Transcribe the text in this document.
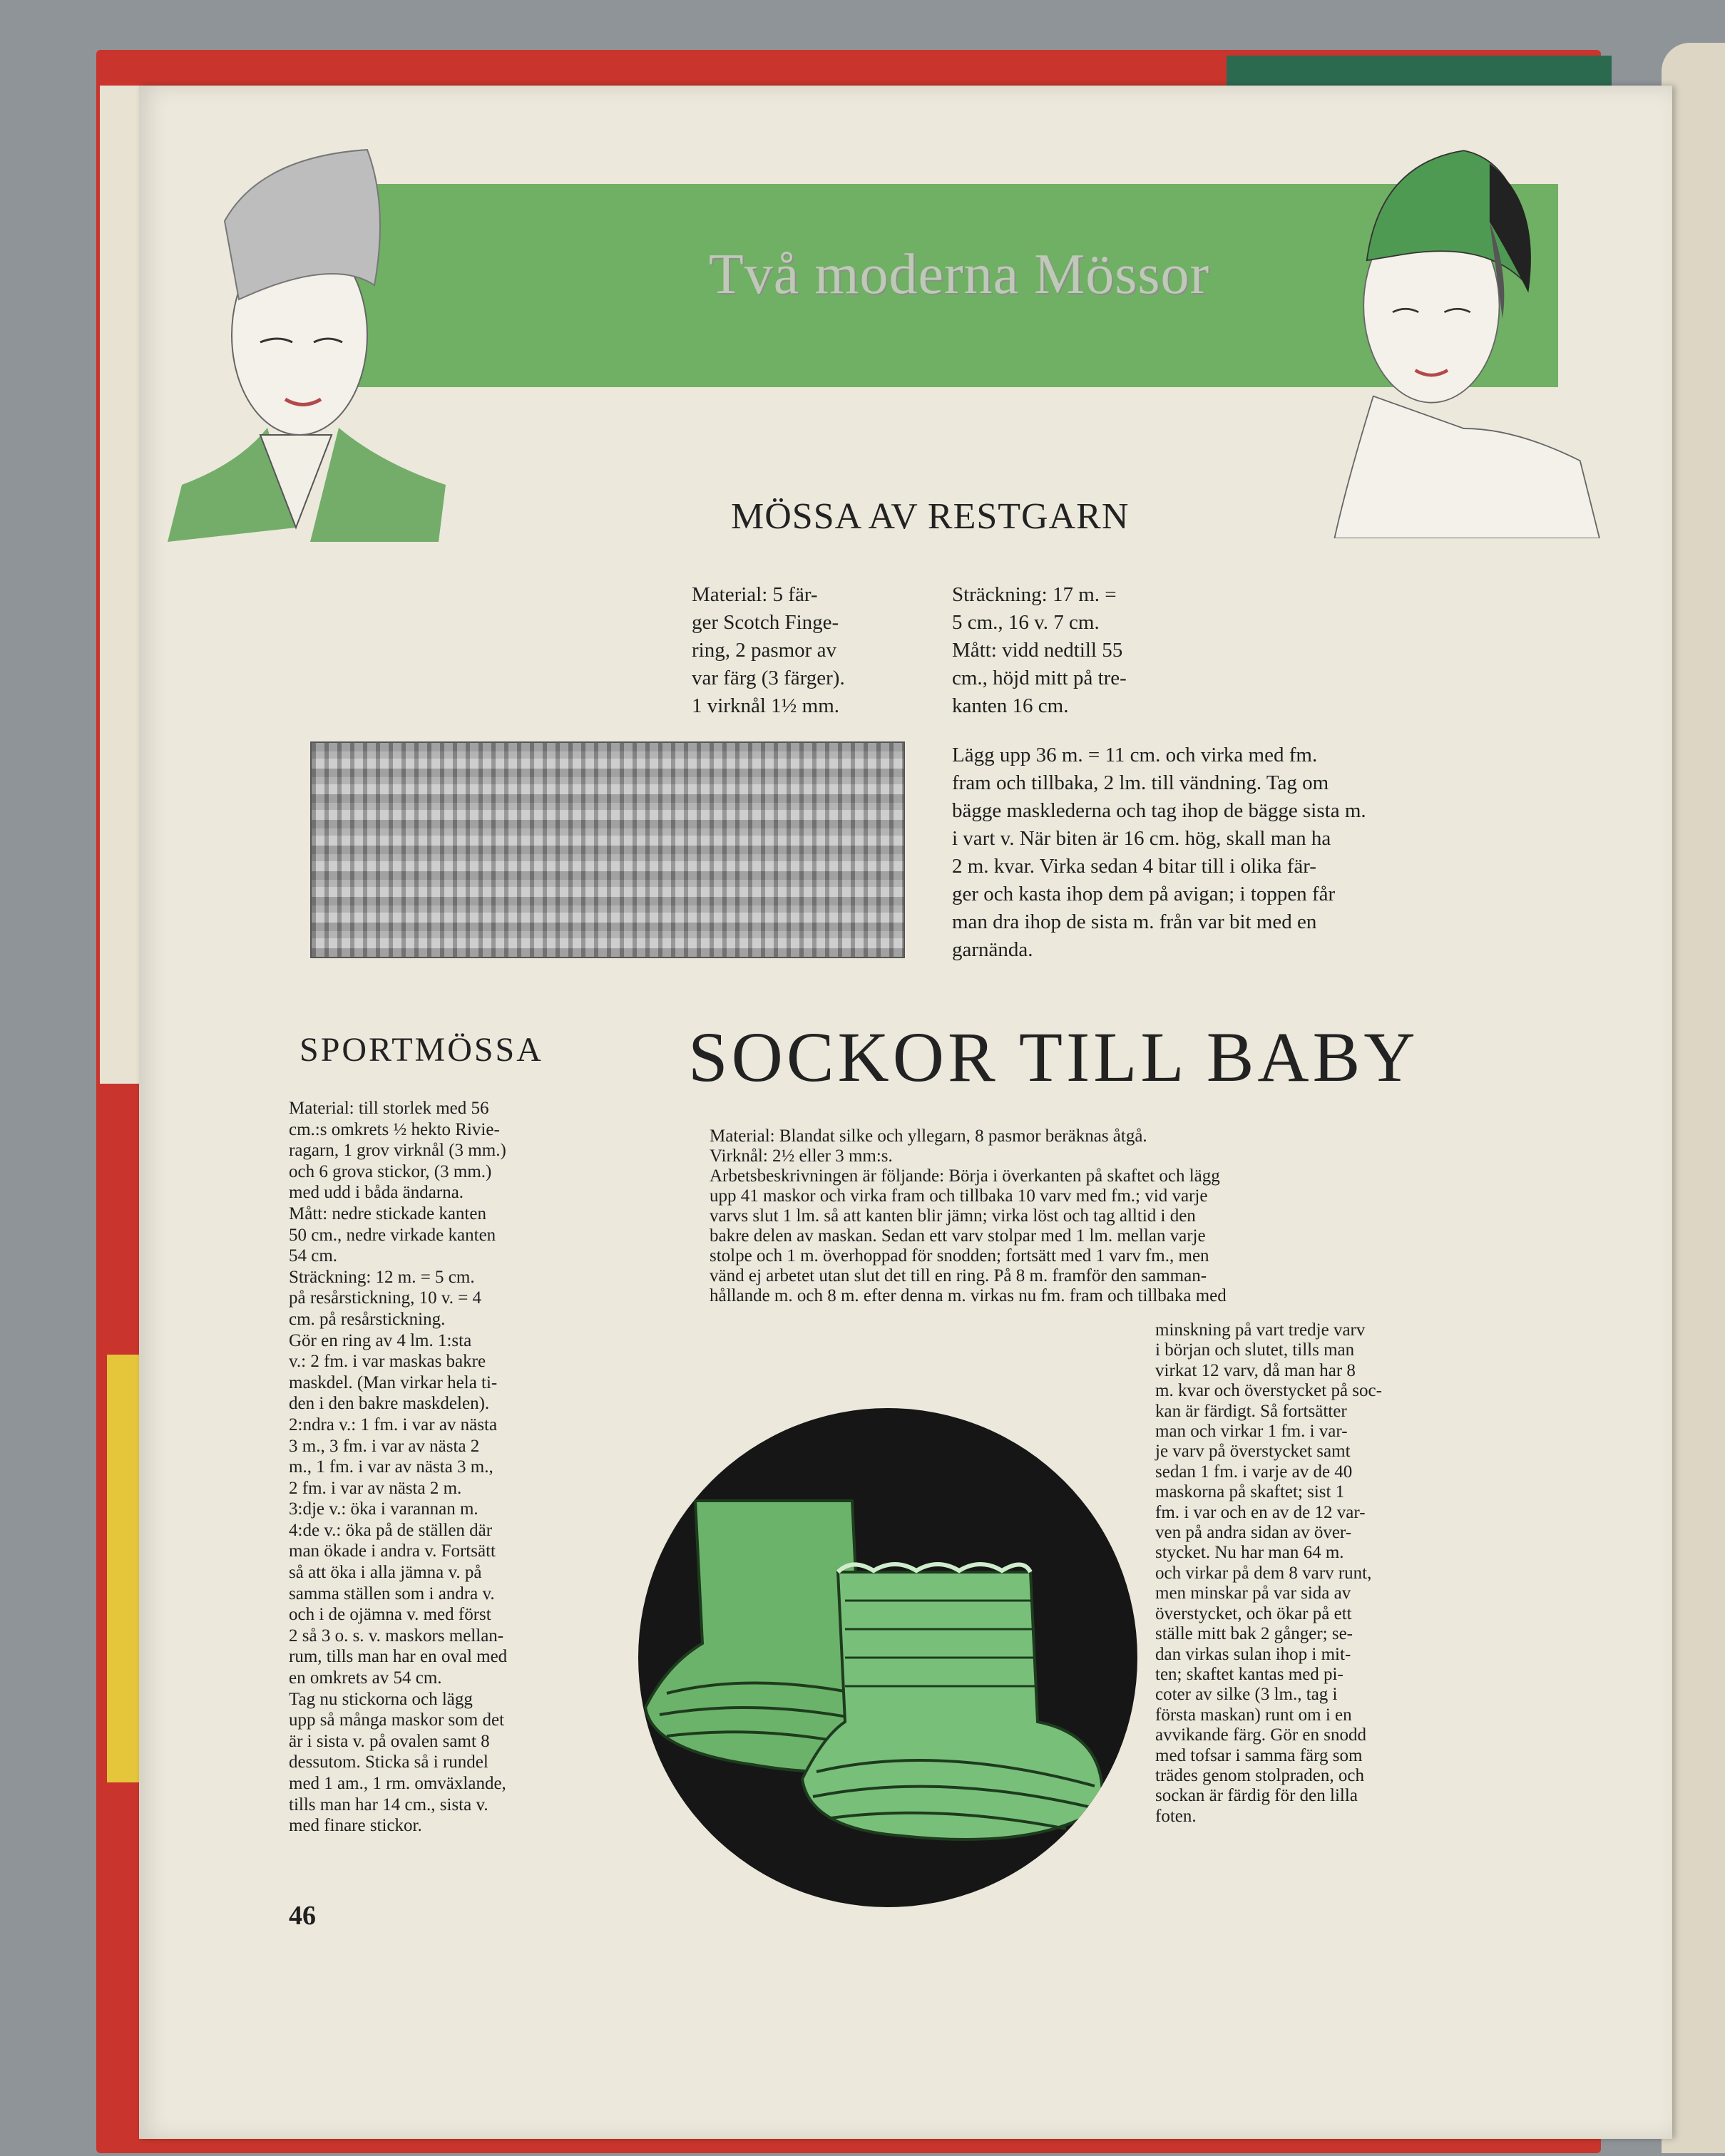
Två moderna Mössor
MÖSSA AV RESTGARN

Material: 5 fär-

ger Scotch Finge-

ring, 2 pasmor av

var färg (3 färger).

1 virknål 1½ mm.

Sträckning: 17 m. =

5 cm., 16 v. 7 cm.

Mått: vidd nedtill 55

cm., höjd mitt på tre-

kanten 16 cm.

Lägg upp 36 m. = 11 cm. och virka med fm.

fram och tillbaka, 2 lm. till vändning. Tag om

bägge masklederna och tag ihop de bägge sista m.

i vart v. När biten är 16 cm. hög, skall man ha

2 m. kvar. Virka sedan 4 bitar till i olika fär-

ger och kasta ihop dem på avigan; i toppen får

man dra ihop de sista m. från var bit med en

garnända.

SPORTMÖSSA
Material: till storlek med 56
cm.:s omkrets ½ hekto Rivie-
ragarn, 1 grov virknål (3 mm.)
och 6 grova stickor, (3 mm.)
med udd i båda ändarna.
Mått: nedre stickade kanten
50 cm., nedre virkade kanten
54 cm.
Sträckning: 12 m. = 5 cm.
på resårstickning, 10 v. = 4
cm. på resårstickning.
Gör en ring av 4 lm. 1:sta
v.: 2 fm. i var maskas bakre
maskdel. (Man virkar hela ti-
den i den bakre maskdelen).
2:ndra v.: 1 fm. i var av nästa
3 m., 3 fm. i var av nästa 2
m., 1 fm. i var av nästa 3 m.,
2 fm. i var av nästa 2 m.
3:dje v.: öka i varannan m.
4:de v.: öka på de ställen där
man ökade i andra v. Fortsätt
så att öka i alla jämna v. på
samma ställen som i andra v.
och i de ojämna v. med först
2 så 3 o. s. v. maskors mellan-
rum, tills man har en oval med
en omkrets av 54 cm.
Tag nu stickorna och lägg
upp så många maskor som det
är i sista v. på ovalen samt 8
dessutom. Sticka så i rundel
med 1 am., 1 rm. omväxlande,
tills man har 14 cm., sista v.
med finare stickor.
SOCKOR TILL BABY
Material: Blandat silke och yllegarn, 8 pasmor beräknas åtgå.
Virknål: 2½ eller 3 mm:s.
Arbetsbeskrivningen är följande: Börja i överkanten på skaftet och lägg
upp 41 maskor och virka fram och tillbaka 10 varv med fm.; vid varje
varvs slut 1 lm. så att kanten blir jämn; virka löst och tag alltid i den
bakre delen av maskan. Sedan ett varv stolpar med 1 lm. mellan varje
stolpe och 1 m. överhoppad för snodden; fortsätt med 1 varv fm., men
vänd ej arbetet utan slut det till en ring. På 8 m. framför den samman-
hållande m. och 8 m. efter denna m. virkas nu fm. fram och tillbaka med
minskning på vart tredje varv
i början och slutet, tills man
virkat 12 varv, då man har 8
m. kvar och överstycket på soc-
kan är färdigt. Så fortsätter
man och virkar 1 fm. i var-
je varv på överstycket samt
sedan 1 fm. i varje av de 40
maskorna på skaftet; sist 1
fm. i var och en av de 12 var-
ven på andra sidan av över-
stycket. Nu har man 64 m.
och virkar på dem 8 varv runt,
men minskar på var sida av
överstycket, och ökar på ett
ställe mitt bak 2 gånger; se-
dan virkas sulan ihop i mit-
ten; skaftet kantas med pi-
coter av silke (3 lm., tag i
första maskan) runt om i en
avvikande färg. Gör en snodd
med tofsar i samma färg som
trädes genom stolpraden, och
sockan är färdig för den lilla
foten.
46
